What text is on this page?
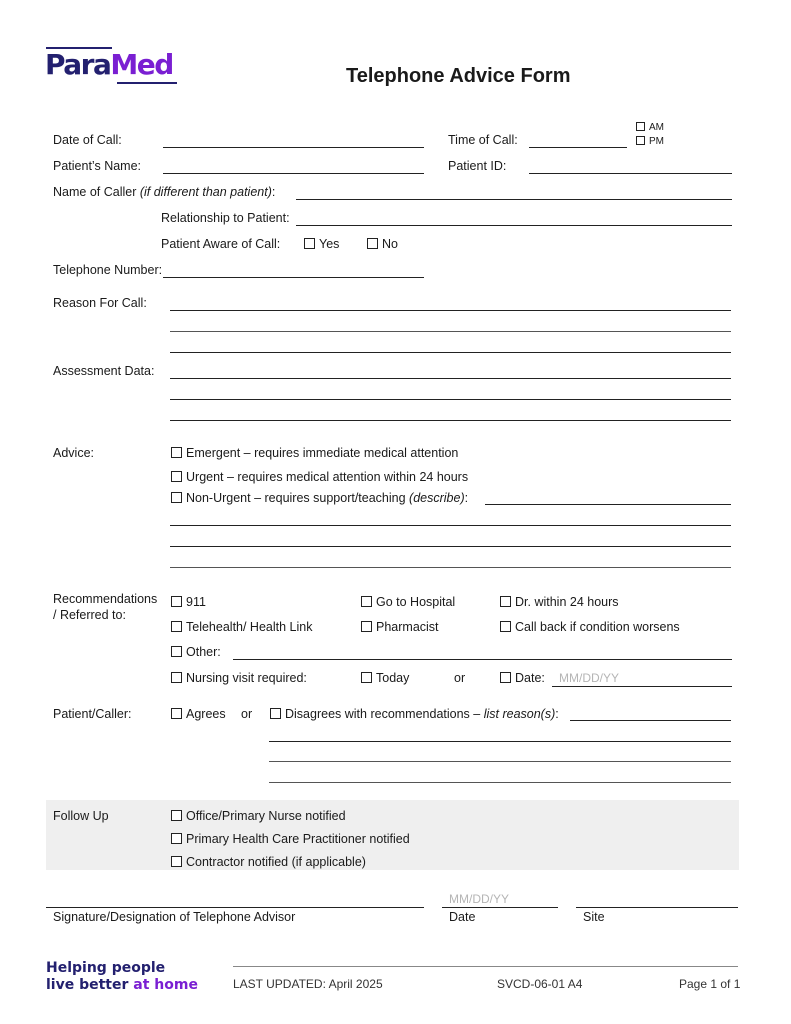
ParaMed	Telephone Advice Form
Date of Call:	Time of Call:
AM
PM
Patient’s Name:	Patient ID:
Name of Caller (if different than patient):
Relationship to Patient:
Patient Aware of Call:	Yes	No
Telephone Number:
Reason For Call:
Assessment Data:
Advice:	Emergent – requires immediate medical attention
Urgent – requires medical attention within 24 hours
Non-Urgent – requires support/teaching (describe):
Recommendations
/ Referred to:
911	Go to Hospital	Dr. within 24 hours
Telehealth/ Health Link	Pharmacist	Call back if condition worsens
Other:
Nursing visit required:	Today	or	Date: MM/DD/YY
Patient/Caller:	Agrees or	Disagrees with recommendations – list reason(s):
Follow Up	Office/Primary Nurse notified
Primary Health Care Practitioner notified
Contractor notified (if applicable)
Signature/Designation of Telephone Advisor
MM/DD/YY
Date	Site
Helping people
live better at home	LAST UPDATED: April 2025	SVCD-06-01 A4	Page 1 of 1
